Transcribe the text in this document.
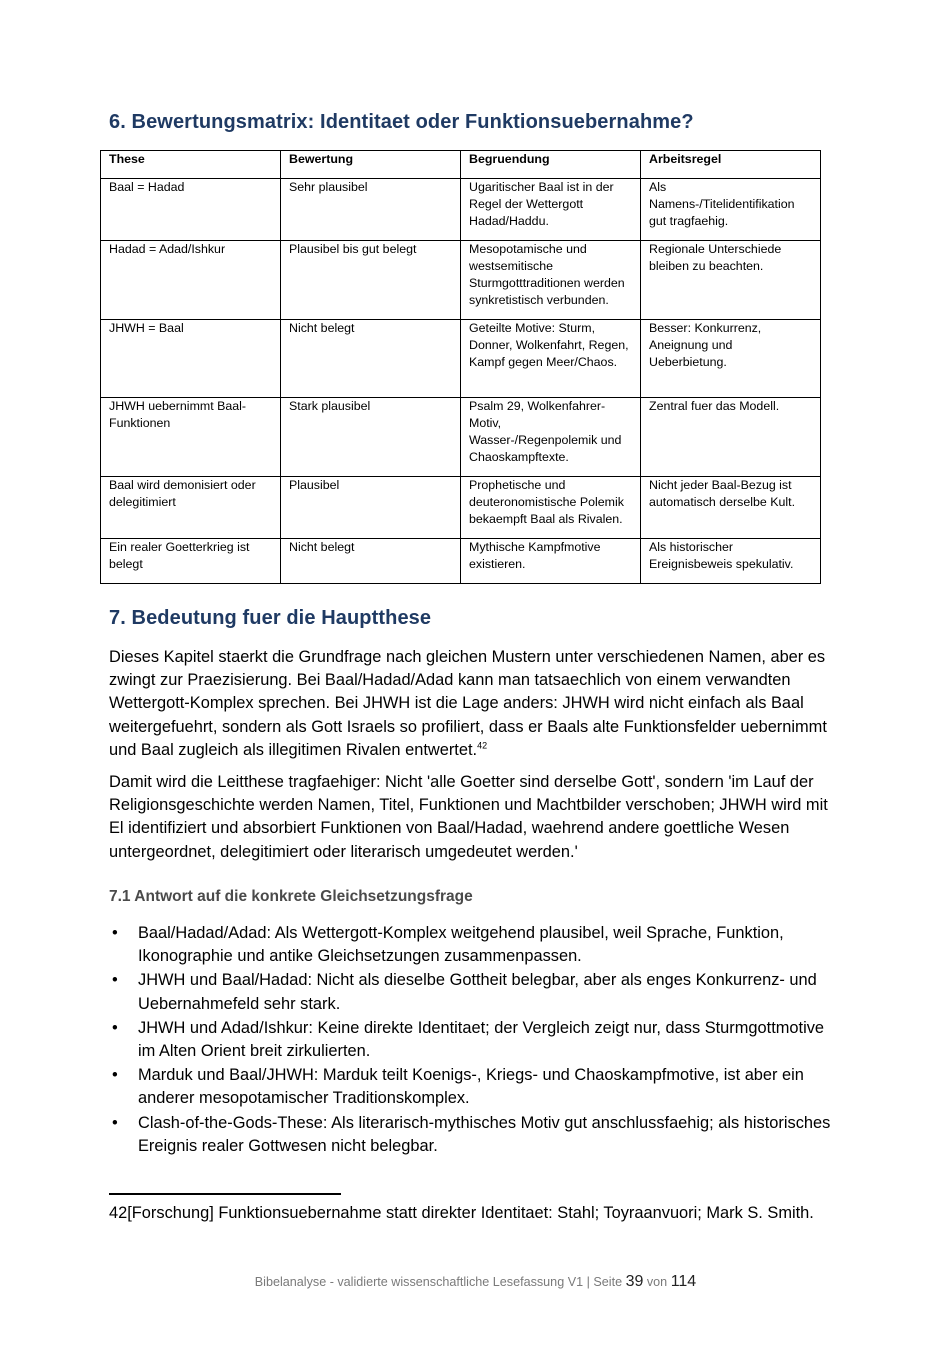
6. Bewertungsmatrix: Identitaet oder Funktionsuebernahme?
These	Bewertung	Begruendung	Arbeitsregel
Baal = Hadad	Sehr plausibel	Ugaritischer Baal ist in der Regel der Wettergott Hadad/Haddu.	Als Namens-/Titelidentifikation gut tragfaehig.
Hadad = Adad/Ishkur	Plausibel bis gut belegt	Mesopotamische und westsemitische Sturmgotttraditionen werden synkretistisch verbunden.	Regionale Unterschiede bleiben zu beachten.
JHWH = Baal	Nicht belegt	Geteilte Motive: Sturm, Donner, Wolkenfahrt, Regen, Kampf gegen Meer/Chaos.	Besser: Konkurrenz, Aneignung und Ueberbietung.
JHWH uebernimmt Baal-Funktionen	Stark plausibel	Psalm 29, Wolkenfahrer-Motiv, Wasser-/Regenpolemik und Chaoskampftexte.	Zentral fuer das Modell.
Baal wird demonisiert oder delegitimiert	Plausibel	Prophetische und deuteronomistische Polemik bekaempft Baal als Rivalen.	Nicht jeder Baal-Bezug ist automatisch derselbe Kult.
Ein realer Goetterkrieg ist belegt	Nicht belegt	Mythische Kampfmotive existieren.	Als historischer Ereignisbeweis spekulativ.
7. Bedeutung fuer die Hauptthese

Dieses Kapitel staerkt die Grundfrage nach gleichen Mustern unter verschiedenen Namen, aber es zwingt zur Praezisierung. Bei Baal/Hadad/Adad kann man tatsaechlich von einem verwandten Wettergott-Komplex sprechen. Bei JHWH ist die Lage anders: JHWH wird nicht einfach als Baal weitergefuehrt, sondern als Gott Israels so profiliert, dass er Baals alte Funktionsfelder uebernimmt und Baal zugleich als illegitimen Rivalen entwertet.$^{42}$

Damit wird die Leitthese tragfaehiger: Nicht 'alle Goetter sind derselbe Gott', sondern 'im Lauf der Religionsgeschichte werden Namen, Titel, Funktionen und Machtbilder verschoben; JHWH wird mit El identifiziert und absorbiert Funktionen von Baal/Hadad, waehrend andere goettliche Wesen untergeordnet, delegitimiert oder literarisch umgedeutet werden.'

7.1 Antwort auf die konkrete Gleichsetzungsfrage
• Baal/Hadad/Adad: Als Wettergott-Komplex weitgehend plausibel, weil Sprache, Funktion, Ikonographie und antike Gleichsetzungen zusammenpassen.
• JHWH und Baal/Hadad: Nicht als dieselbe Gottheit belegbar, aber als enges Konkurrenz- und Uebernahmefeld sehr stark.
• JHWH und Adad/Ishkur: Keine direkte Identitaet; der Vergleich zeigt nur, dass Sturmgottmotive im Alten Orient breit zirkulierten.
• Marduk und Baal/JHWH: Marduk teilt Koenigs-, Kriegs- und Chaoskampfmotive, ist aber ein anderer mesopotamischer Traditionskomplex.
• Clash-of-the-Gods-These: Als literarisch-mythisches Motiv gut anschlussfaehig; als historisches Ereignis realer Gottwesen nicht belegbar.

42[Forschung] Funktionsuebernahme statt direkter Identitaet: Stahl; Toyraanvuori; Mark S. Smith.

Bibelanalyse - validierte wissenschaftliche Lesefassung V1 | Seite 39 von 114
